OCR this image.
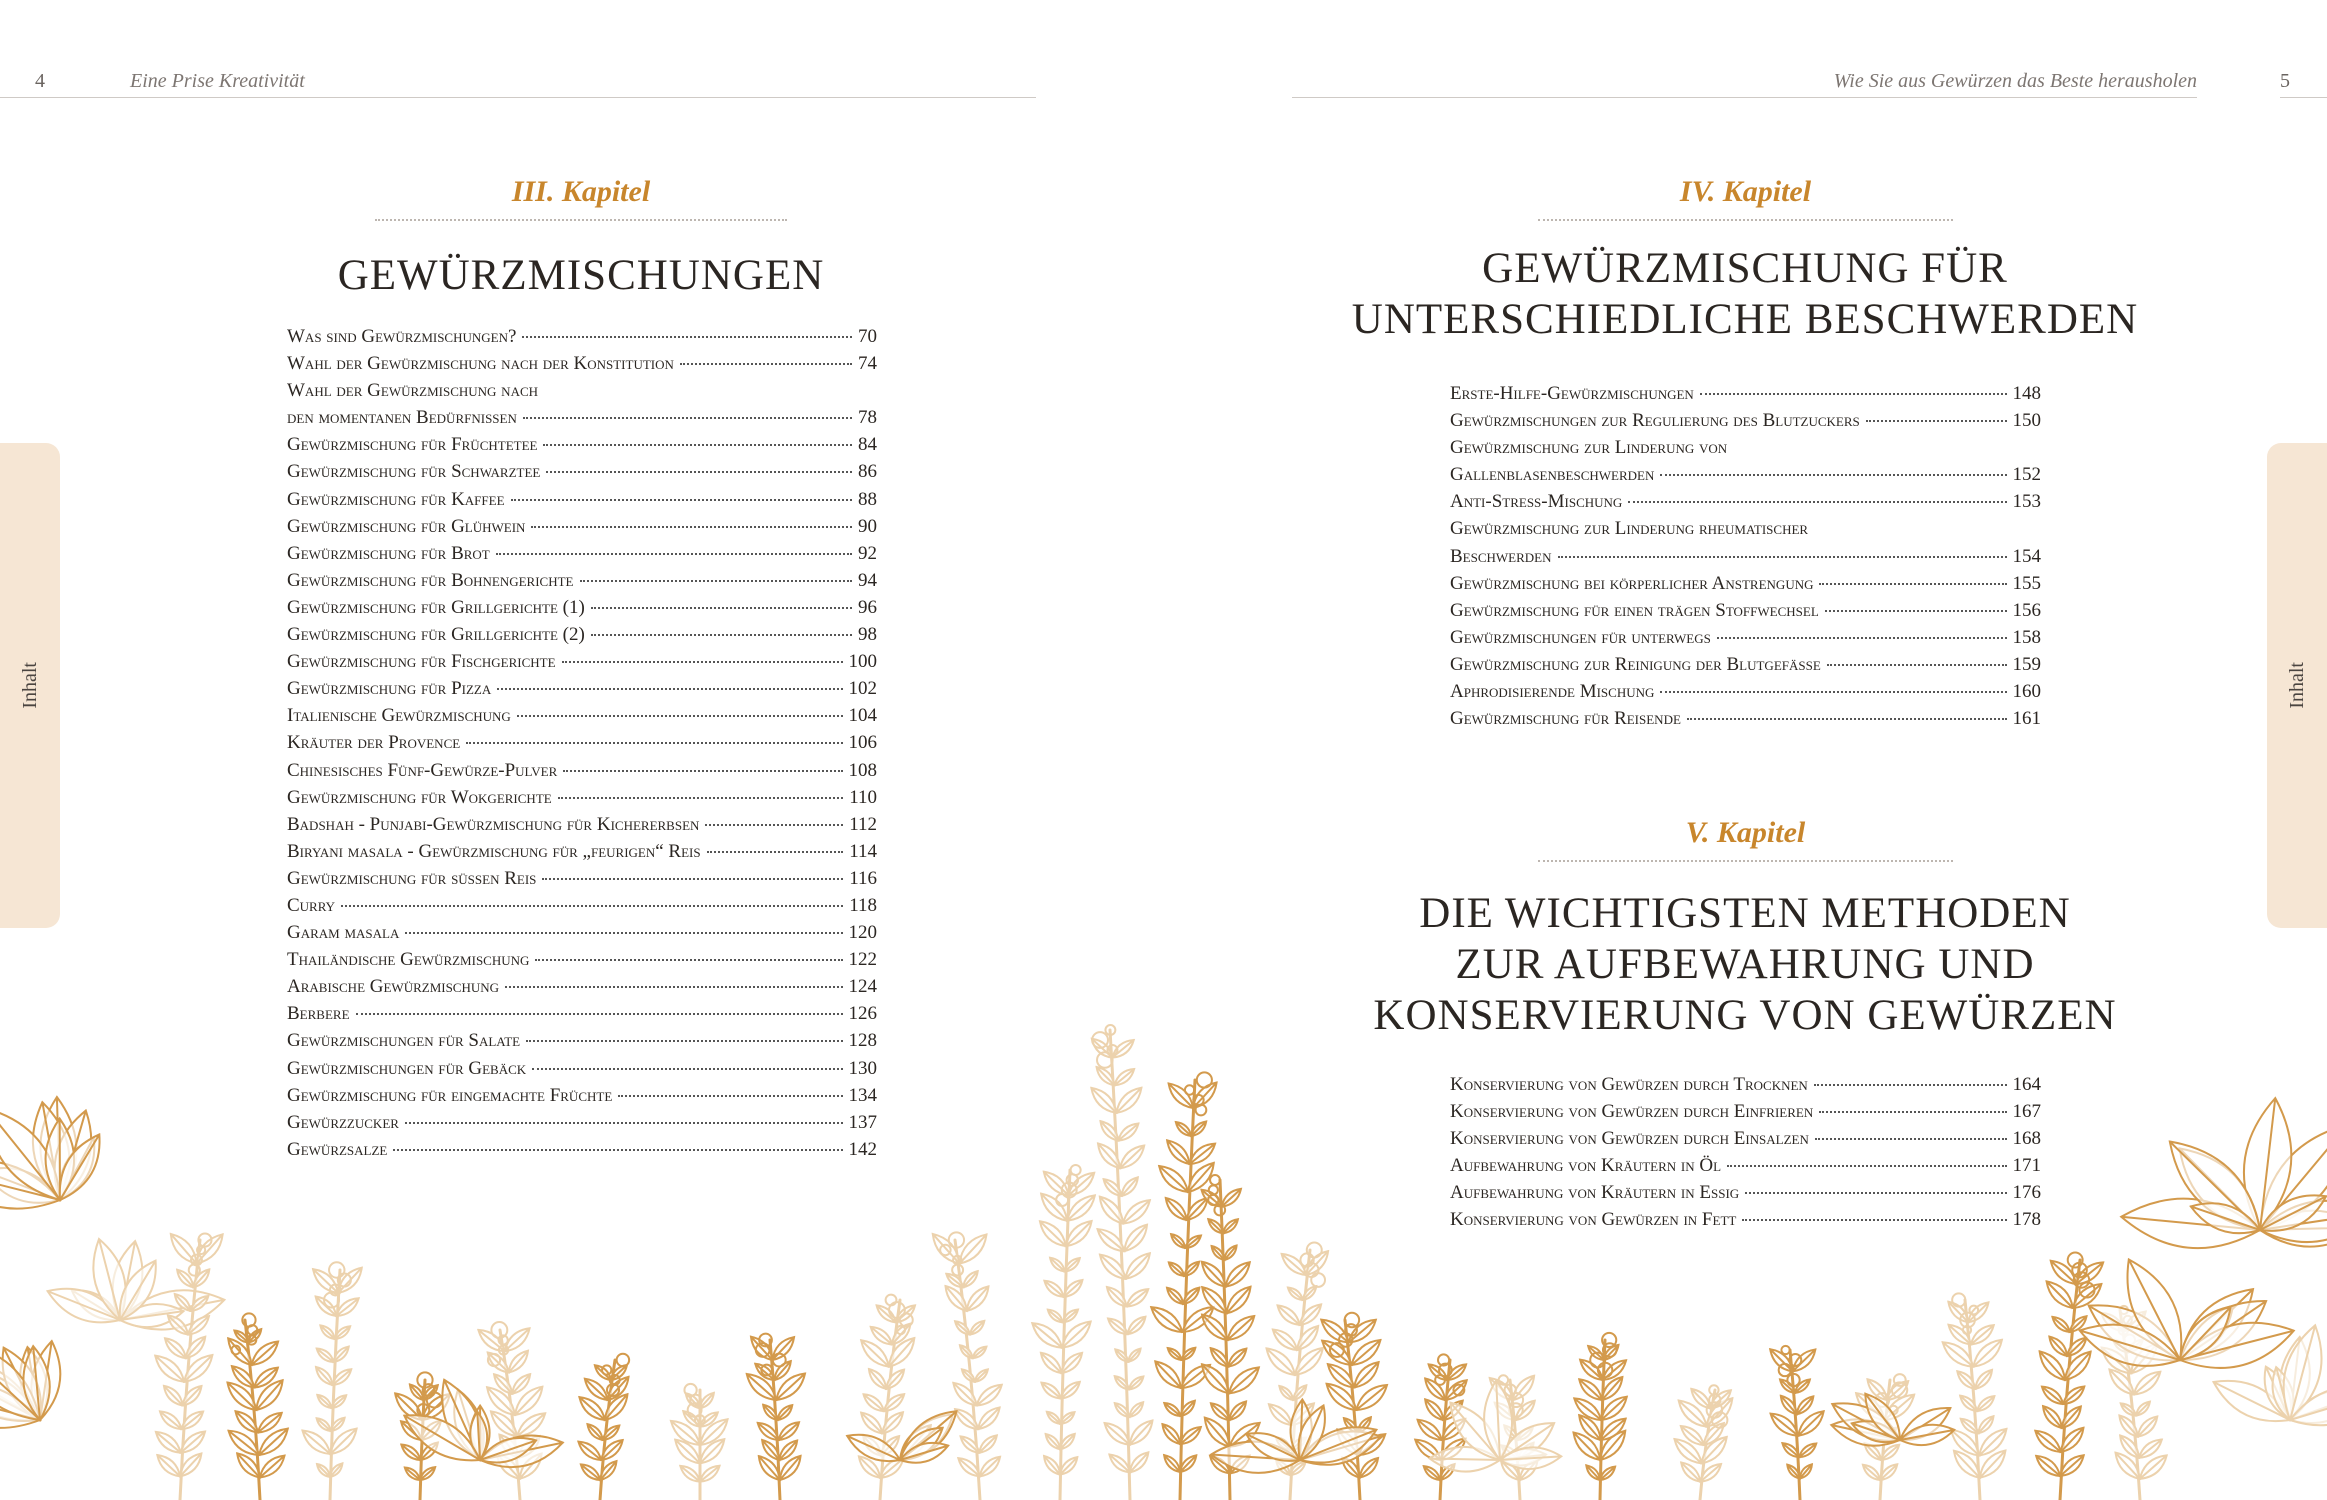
4	Eine Prise Kreativität	Wie Sie aus Gewürzen das Beste herausholen	5
Inhalt	Inhalt
III. Kapitel
GEWÜRZMISCHUNGEN
Was sind Gewürzmischungen?	70
Wahl der Gewürzmischung nach der Konstitution	74
Wahl der Gewürzmischung nach
den momentanen Bedürfnissen	78
Gewürzmischung für Früchtetee	84
Gewürzmischung für Schwarztee	86
Gewürzmischung für Kaffee	88
Gewürzmischung für Glühwein	90
Gewürzmischung für Brot	92
Gewürzmischung für Bohnengerichte	94
Gewürzmischung für Grillgerichte (1)	96
Gewürzmischung für Grillgerichte (2)	98
Gewürzmischung für Fischgerichte	100
Gewürzmischung für Pizza	102
Italienische Gewürzmischung	104
Kräuter der Provence	106
Chinesisches Fünf-Gewürze-Pulver	108
Gewürzmischung für Wokgerichte	110
Badshah - Punjabi-Gewürzmischung für Kichererbsen	112
Biryani masala - Gewürzmischung für „feurigen“ Reis	114
Gewürzmischung für süssen Reis	116
Curry	118
Garam masala	120
Thailändische Gewürzmischung	122
Arabische Gewürzmischung	124
Berbere	126
Gewürzmischungen für Salate	128
Gewürzmischungen für Gebäck	130
Gewürzmischung für eingemachte Früchte	134
Gewürzzucker	137
Gewürzsalze	142
IV. Kapitel
GEWÜRZMISCHUNG FÜR
UNTERSCHIEDLICHE BESCHWERDEN
Erste-Hilfe-Gewürzmischungen	148
Gewürzmischungen zur Regulierung des Blutzuckers	150
Gewürzmischung zur Linderung von
Gallenblasenbeschwerden	152
Anti-Stress-Mischung	153
Gewürzmischung zur Linderung rheumatischer
Beschwerden	154
Gewürzmischung bei körperlicher Anstrengung	155
Gewürzmischung für einen trägen Stoffwechsel	156
Gewürzmischungen für unterwegs	158
Gewürzmischung zur Reinigung der Blutgefässe	159
Aphrodisierende Mischung	160
Gewürzmischung für Reisende	161
V. Kapitel
DIE WICHTIGSTEN METHODEN
ZUR AUFBEWAHRUNG UND
KONSERVIERUNG VON GEWÜRZEN
Konservierung von Gewürzen durch Trocknen	164
Konservierung von Gewürzen durch Einfrieren	167
Konservierung von Gewürzen durch Einsalzen	168
Aufbewahrung von Kräutern in Öl	171
Aufbewahrung von Kräutern in Essig	176
Konservierung von Gewürzen in Fett	178
